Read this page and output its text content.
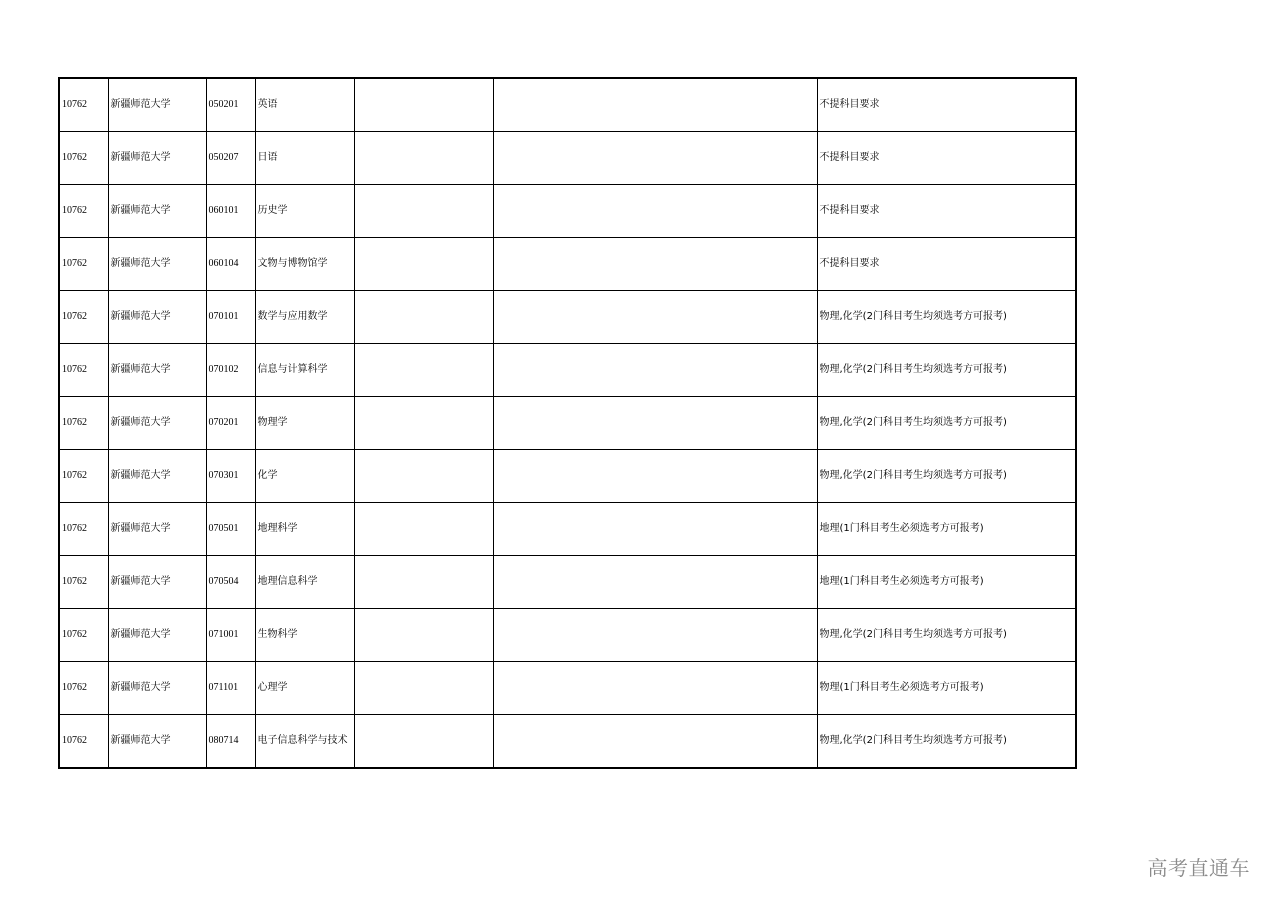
10762	新疆师范大学	050201	英语			不提科目要求
10762	新疆师范大学	050207	日语			不提科目要求
10762	新疆师范大学	060101	历史学			不提科目要求
10762	新疆师范大学	060104	文物与博物馆学			不提科目要求
10762	新疆师范大学	070101	数学与应用数学			物理,化学(2门科目考生均须选考方可报考)
10762	新疆师范大学	070102	信息与计算科学			物理,化学(2门科目考生均须选考方可报考)
10762	新疆师范大学	070201	物理学			物理,化学(2门科目考生均须选考方可报考)
10762	新疆师范大学	070301	化学			物理,化学(2门科目考生均须选考方可报考)
10762	新疆师范大学	070501	地理科学			地理(1门科目考生必须选考方可报考)
10762	新疆师范大学	070504	地理信息科学			地理(1门科目考生必须选考方可报考)
10762	新疆师范大学	071001	生物科学			物理,化学(2门科目考生均须选考方可报考)
10762	新疆师范大学	071101	心理学			物理(1门科目考生必须选考方可报考)
10762	新疆师范大学	080714	电子信息科学与技术			物理,化学(2门科目考生均须选考方可报考)
高考直通车
